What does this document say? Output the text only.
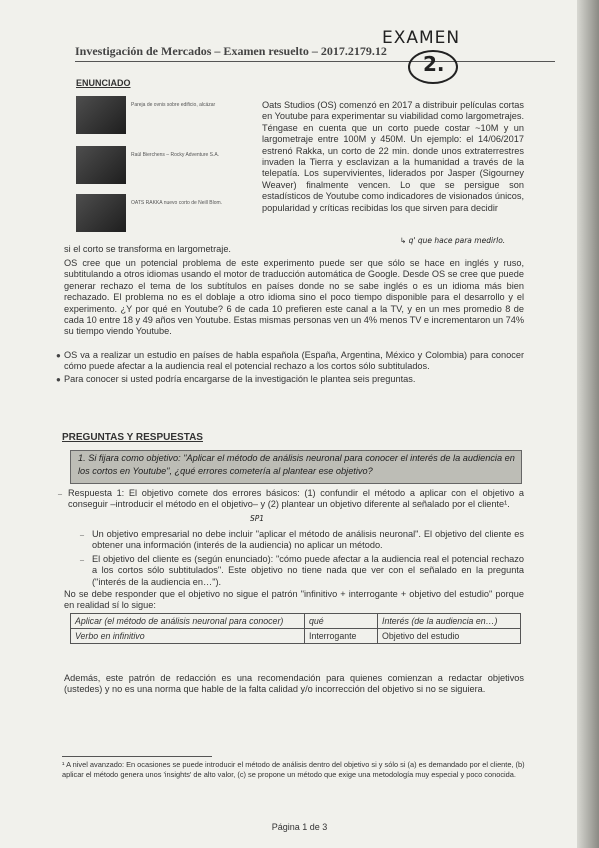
Investigación de Mercados – Examen resuelto – 2017.2179.12
EXAMEN
2.
ENUNCIADO
Pareja de ovnis sobre edificio, alcázar
Raúl Bierchens – Rocky Adventure S.A.
OATS RAKKA nuevo corto de Neill Blom.
Oats Studios (OS) comenzó en 2017 a distribuir películas cortas en Youtube para experimentar su viabilidad como largometrajes. Téngase en cuenta que un corto puede costar ~10M y un largometraje entre 100M y 450M. Un ejemplo: el 14/06/2017 estrenó Rakka, un corto de 22 min. donde unos extraterrestres invaden la Tierra y esclavizan a la humanidad a través de la telepatía. Los supervivientes, liderados por Jasper (Sigourney Weaver) finalmente vencen. Lo que se persigue son estadísticos de Youtube como indicadores de visionados únicos, popularidad y críticas recibidas los que sirven para decidir
si el corto se transforma en largometraje.
↳ q' que hace para medirlo.
OS cree que un potencial problema de este experimento puede ser que sólo se hace en inglés y ruso, subtitulando a otros idiomas usando el motor de traducción automática de Google. Desde OS se cree que puede generar rechazo el tema de los subtítulos en países donde no se sabe inglés o es un idioma más bien rechazado. El problema no es el doblaje a otro idioma sino el poco tiempo disponible para el desarrollo y el experimento. ¿Y por qué en Youtube? 6 de cada 10 prefieren este canal a la TV, y en un mes promedio 8 de cada 10 entre 18 y 49 años ven Youtube. Estas mismas personas ven un 4% menos TV e incrementaron un 74% su tiempo viendo Youtube.
● OS va a realizar un estudio en países de habla española (España, Argentina, México y Colombia) para conocer cómo puede afectar a la audiencia real el potencial rechazo a los cortos sólo subtitulados.
● Para conocer si usted podría encargarse de la investigación le plantea seis preguntas.
PREGUNTAS Y RESPUESTAS
1. Si fijara como objetivo: "Aplicar el método de análisis neuronal para conocer el interés de la audiencia en los cortos en Youtube", ¿qué errores cometería al plantear ese objetivo?
– Respuesta 1: El objetivo comete dos errores básicos: (1) confundir el método a aplicar con el objetivo a conseguir –introducir el método en el objetivo– y (2) plantear un objetivo diferente al señalado por el cliente¹.
SP1
– Un objetivo empresarial no debe incluir "aplicar el método de análisis neuronal". El objetivo del cliente es obtener una información (interés de la audiencia) no aplicar un método.
– El objetivo del cliente es (según enunciado): "cómo puede afectar a la audiencia real el potencial rechazo a los cortos sólo subtitulados". Este objetivo no tiene nada que ver con el señalado en la pregunta ("interés de la audiencia en…").
No se debe responder que el objetivo no sigue el patrón "infinitivo + interrogante + objetivo del estudio" porque en realidad sí lo sigue:
Aplicar (el método de análisis neuronal para conocer)	qué	Interés (de la audiencia en…)
Verbo en infinitivo	Interrogante	Objetivo del estudio
Además, este patrón de redacción es una recomendación para quienes comienzan a redactar objetivos (ustedes) y no es una norma que hable de la falta calidad y/o incorrección del objetivo si no se siguiera.
¹ A nivel avanzado: En ocasiones se puede introducir el método de análisis dentro del objetivo si y sólo si (a) es demandado por el cliente, (b) aplicar el método genera unos 'insights' de alto valor, (c) se propone un método que exige una metodología muy especial y poco conocida.
Página 1 de 3
